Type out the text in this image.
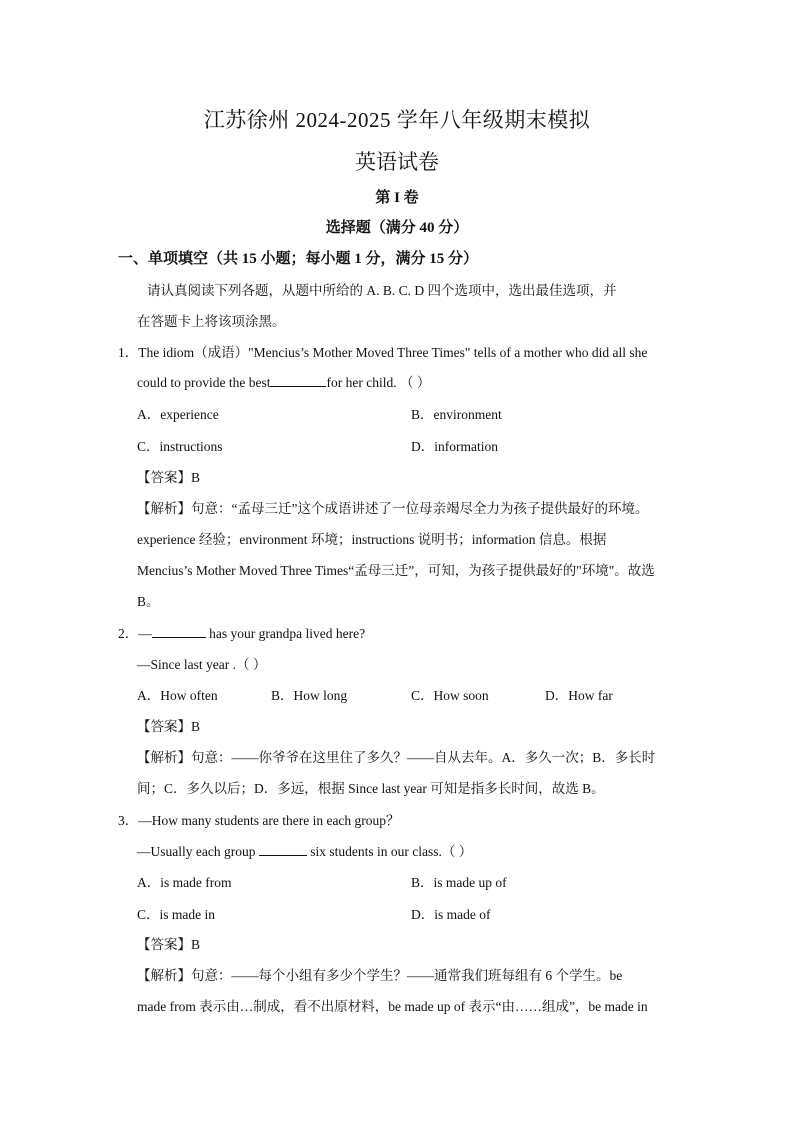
江苏徐州 2024-2025 学年八年级期末模拟
英语试卷
第 I 卷
选择题（满分 40 分）
一、单项填空（共 15 小题；每小题 1 分，满分 15 分）
请认真阅读下列各题，从题中所给的 A. B. C. D 四个选项中，选出最佳选项，并
在答题卡上将该项涂黑。
1．The idiom（成语）"Mencius’s Mother Moved Three Times" tells of a mother who did all she
could to provide the best	for her child. （ ）
A．experience	B．environment
C．instructions	D．information
【答案】B
【解析】句意：“孟母三迁”这个成语讲述了一位母亲竭尽全力为孩子提供最好的环境。
experience 经验；environment 环境；instructions 说明书；information 信息。根据
Mencius’s Mother Moved Three Times“孟母三迁”，可知，为孩子提供最好的"环境"。故选
B。
2．—	has your grandpa lived here?
—Since last year .（ ）
A．How often	B．How long	C．How soon	D．How far
【答案】B
【解析】句意：——你爷爷在这里住了多久？——自从去年。A．多久一次；B．多长时
间；C．多久以后；D．多远，根据 Since last year 可知是指多长时间，故选 B。
3．—How many students are there in each group？
—Usually each group	six students in our class.（ ）
A．is made from	B．is made up of
C．is made in	D．is made of
【答案】B
【解析】句意：——每个小组有多少个学生？——通常我们班每组有 6 个学生。be
made from 表示由…制成，看不出原材料，be made up of 表示“由……组成”，be made in
